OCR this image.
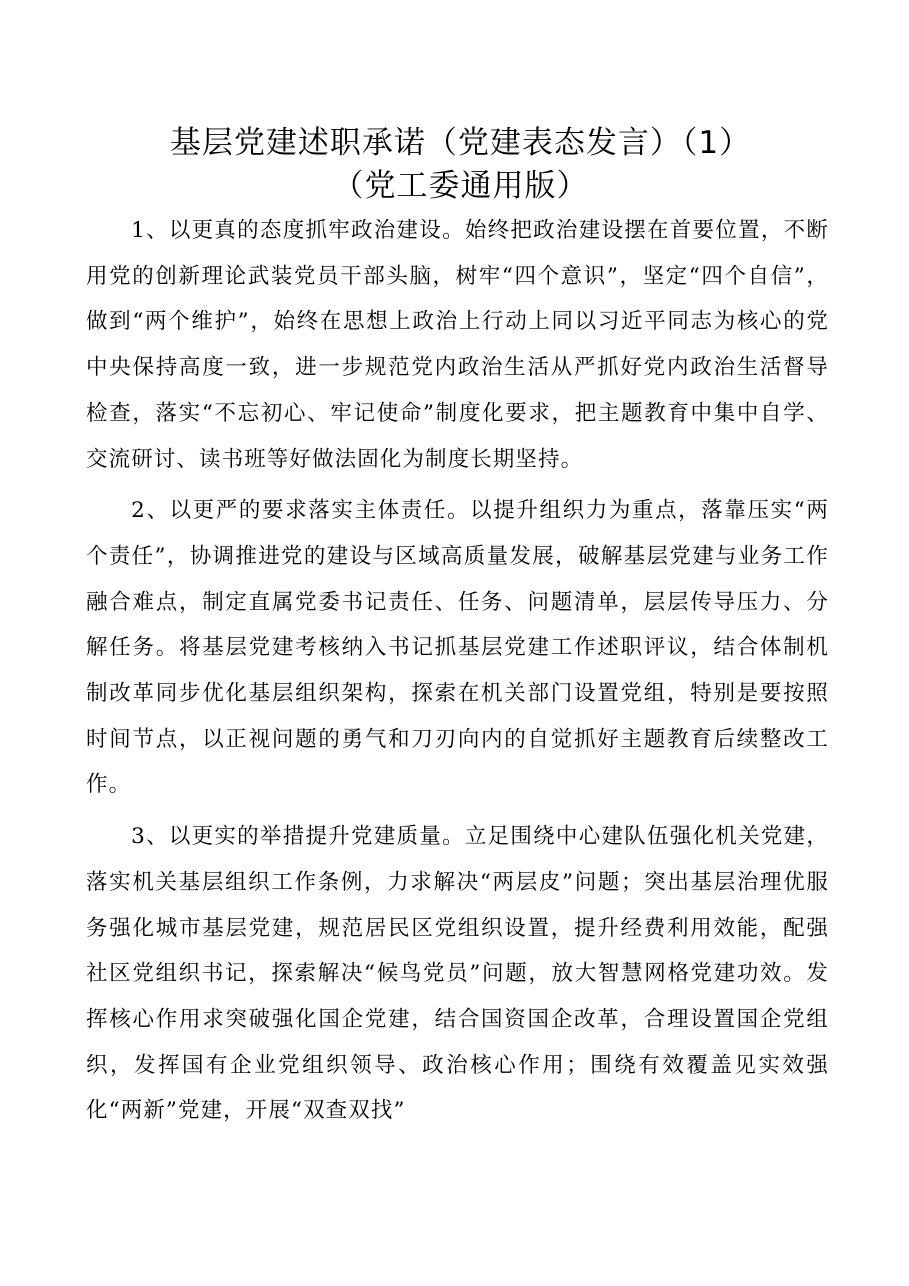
基层党建述职承诺（党建表态发言）（1）
（党工委通用版）

1、以更真的态度抓牢政治建设。始终把政治建设摆在首要位置，不断用党的创新理论武装党员干部头脑，树牢“四个意识”，坚定“四个自信”，做到“两个维护”，始终在思想上政治上行动上同以习近平同志为核心的党中央保持高度一致，进一步规范党内政治生活从严抓好党内政治生活督导检查，落实“不忘初心、牢记使命”制度化要求，把主题教育中集中自学、交流研讨、读书班等好做法固化为制度长期坚持。

2、以更严的要求落实主体责任。以提升组织力为重点，落靠压实“两个责任”，协调推进党的建设与区域高质量发展，破解基层党建与业务工作融合难点，制定直属党委书记责任、任务、问题清单，层层传导压力、分解任务。将基层党建考核纳入书记抓基层党建工作述职评议，结合体制机制改革同步优化基层组织架构，探索在机关部门设置党组，特别是要按照时间节点，以正视问题的勇气和刀刃向内的自觉抓好主题教育后续整改工作。

3、以更实的举措提升党建质量。立足围绕中心建队伍强化机关党建，落实机关基层组织工作条例，力求解决“两层皮”问题；突出基层治理优服务强化城市基层党建，规范居民区党组织设置，提升经费利用效能，配强社区党组织书记，探索解决“候鸟党员”问题，放大智慧网格党建功效。发挥核心作用求突破强化国企党建，结合国资国企改革，合理设置国企党组织，发挥国有企业党组织领导、政治核心作用；围绕有效覆盖见实效强化“两新”党建，开展“双查双找”
